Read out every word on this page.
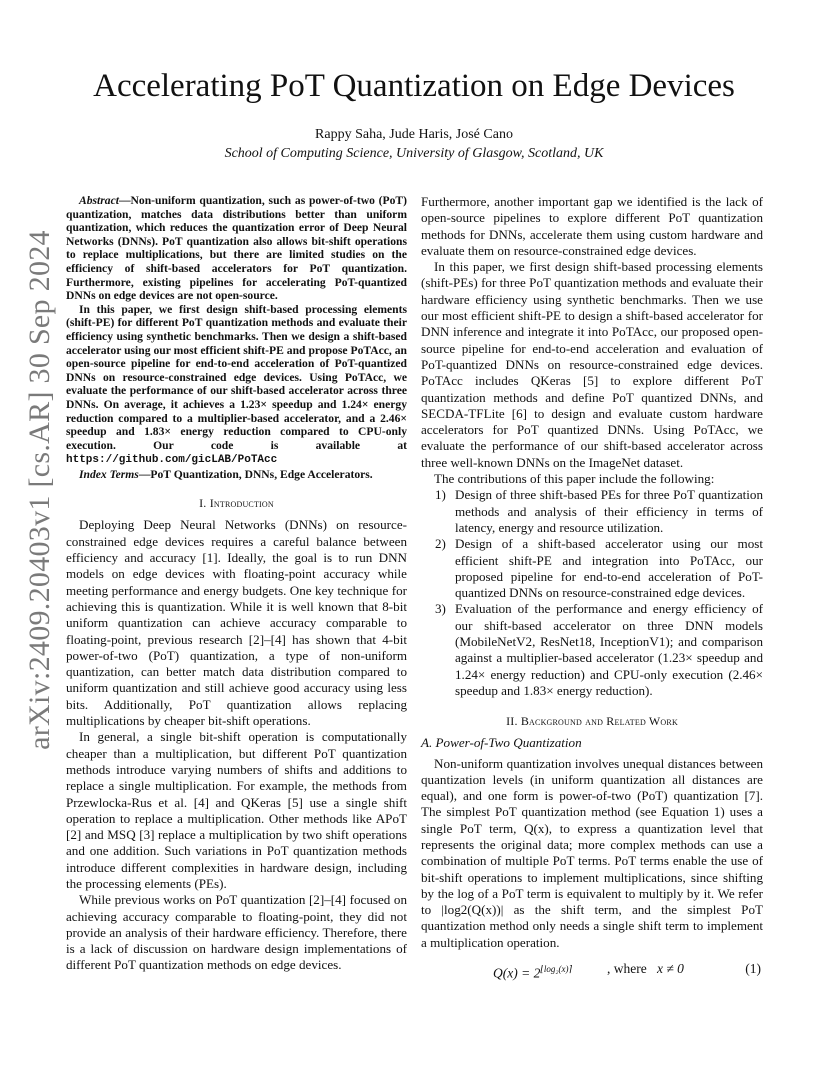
arXiv:2409.20403v1 [cs.AR] 30 Sep 2024
Accelerating PoT Quantization on Edge Devices
Rappy Saha, Jude Haris, José Cano
School of Computing Science, University of Glasgow, Scotland, UK

Abstract—Non-uniform quantization, such as power-of-two (PoT) quantization, matches data distributions better than uniform quantization, which reduces the quantization error of Deep Neural Networks (DNNs). PoT quantization also allows bit-shift operations to replace multiplications, but there are limited studies on the efficiency of shift-based accelerators for PoT quantization. Furthermore, existing pipelines for accelerating PoT-quantized DNNs on edge devices are not open-source.

In this paper, we first design shift-based processing elements (shift-PE) for different PoT quantization methods and evaluate their efficiency using synthetic benchmarks. Then we design a shift-based accelerator using our most efficient shift-PE and propose PoTAcc, an open-source pipeline for end-to-end acceleration of PoT-quantized DNNs on resource-constrained edge devices. Using PoTAcc, we evaluate the performance of our shift-based accelerator across three DNNs. On average, it achieves a 1.23× speedup and 1.24× energy reduction compared to a multiplier-based accelerator, and a 2.46× speedup and 1.83× energy reduction compared to CPU-only execution. Our code is available at https://github.com/gicLAB/PoTAcc

Index Terms—PoT Quantization, DNNs, Edge Accelerators.

I. Introduction

Deploying Deep Neural Networks (DNNs) on resource-constrained edge devices requires a careful balance between efficiency and accuracy [1]. Ideally, the goal is to run DNN models on edge devices with floating-point accuracy while meeting performance and energy budgets. One key technique for achieving this is quantization. While it is well known that 8-bit uniform quantization can achieve accuracy comparable to floating-point, previous research [2]–[4] has shown that 4-bit power-of-two (PoT) quantization, a type of non-uniform quantization, can better match data distribution compared to uniform quantization and still achieve good accuracy using less bits. Additionally, PoT quantization allows replacing multiplications by cheaper bit-shift operations.

In general, a single bit-shift operation is computationally cheaper than a multiplication, but different PoT quantization methods introduce varying numbers of shifts and additions to replace a single multiplication. For example, the methods from Przewlocka-Rus et al. [4] and QKeras [5] use a single shift operation to replace a multiplication. Other methods like APoT [2] and MSQ [3] replace a multiplication by two shift operations and one addition. Such variations in PoT quantization methods introduce different complexities in hardware design, including the processing elements (PEs).

While previous works on PoT quantization [2]–[4] focused on achieving accuracy comparable to floating-point, they did not provide an analysis of their hardware efficiency. Therefore, there is a lack of discussion on hardware design implementations of different PoT quantization methods on edge devices.

Furthermore, another important gap we identified is the lack of open-source pipelines to explore different PoT quantization methods for DNNs, accelerate them using custom hardware and evaluate them on resource-constrained edge devices.

In this paper, we first design shift-based processing elements (shift-PEs) for three PoT quantization methods and evaluate their hardware efficiency using synthetic benchmarks. Then we use our most efficient shift-PE to design a shift-based accelerator for DNN inference and integrate it into PoTAcc, our proposed open-source pipeline for end-to-end acceleration and evaluation of PoT-quantized DNNs on resource-constrained edge devices. PoTAcc includes QKeras [5] to explore different PoT quantization methods and define PoT quantized DNNs, and SECDA-TFLite [6] to design and evaluate custom hardware accelerators for PoT quantized DNNs. Using PoTAcc, we evaluate the performance of our shift-based accelerator across three well-known DNNs on the ImageNet dataset.

The contributions of this paper include the following:

1) Design of three shift-based PEs for three PoT quantization methods and analysis of their efficiency in terms of latency, energy and resource utilization.
2) Design of a shift-based accelerator using our most efficient shift-PE and integration into PoTAcc, our proposed pipeline for end-to-end acceleration of PoT-quantized DNNs on resource-constrained edge devices.
3) Evaluation of the performance and energy efficiency of our shift-based accelerator on three DNN models (MobileNetV2, ResNet18, InceptionV1); and comparison against a multiplier-based accelerator (1.23× speedup and 1.24× energy reduction) and CPU-only execution (2.46× speedup and 1.83× energy reduction).
II. Background and Related Work
A. Power-of-Two Quantization

Non-uniform quantization involves unequal distances between quantization levels (in uniform quantization all distances are equal), and one form is power-of-two (PoT) quantization [7]. The simplest PoT quantization method (see Equation 1) uses a single PoT term, Q(x), to express a quantization level that represents the original data; more complex methods can use a combination of multiple PoT terms. PoT terms enable the use of bit-shift operations to implement multiplications, since shifting by the log of a PoT term is equivalent to multiply by it. We refer to |log2(Q(x))| as the shift term, and the simplest PoT quantization method only needs a single shift term to implement a multiplication operation.

$Q(x) = 2^{⌊log_2(x)⌉}$	, where x ≠ 0	(1)
